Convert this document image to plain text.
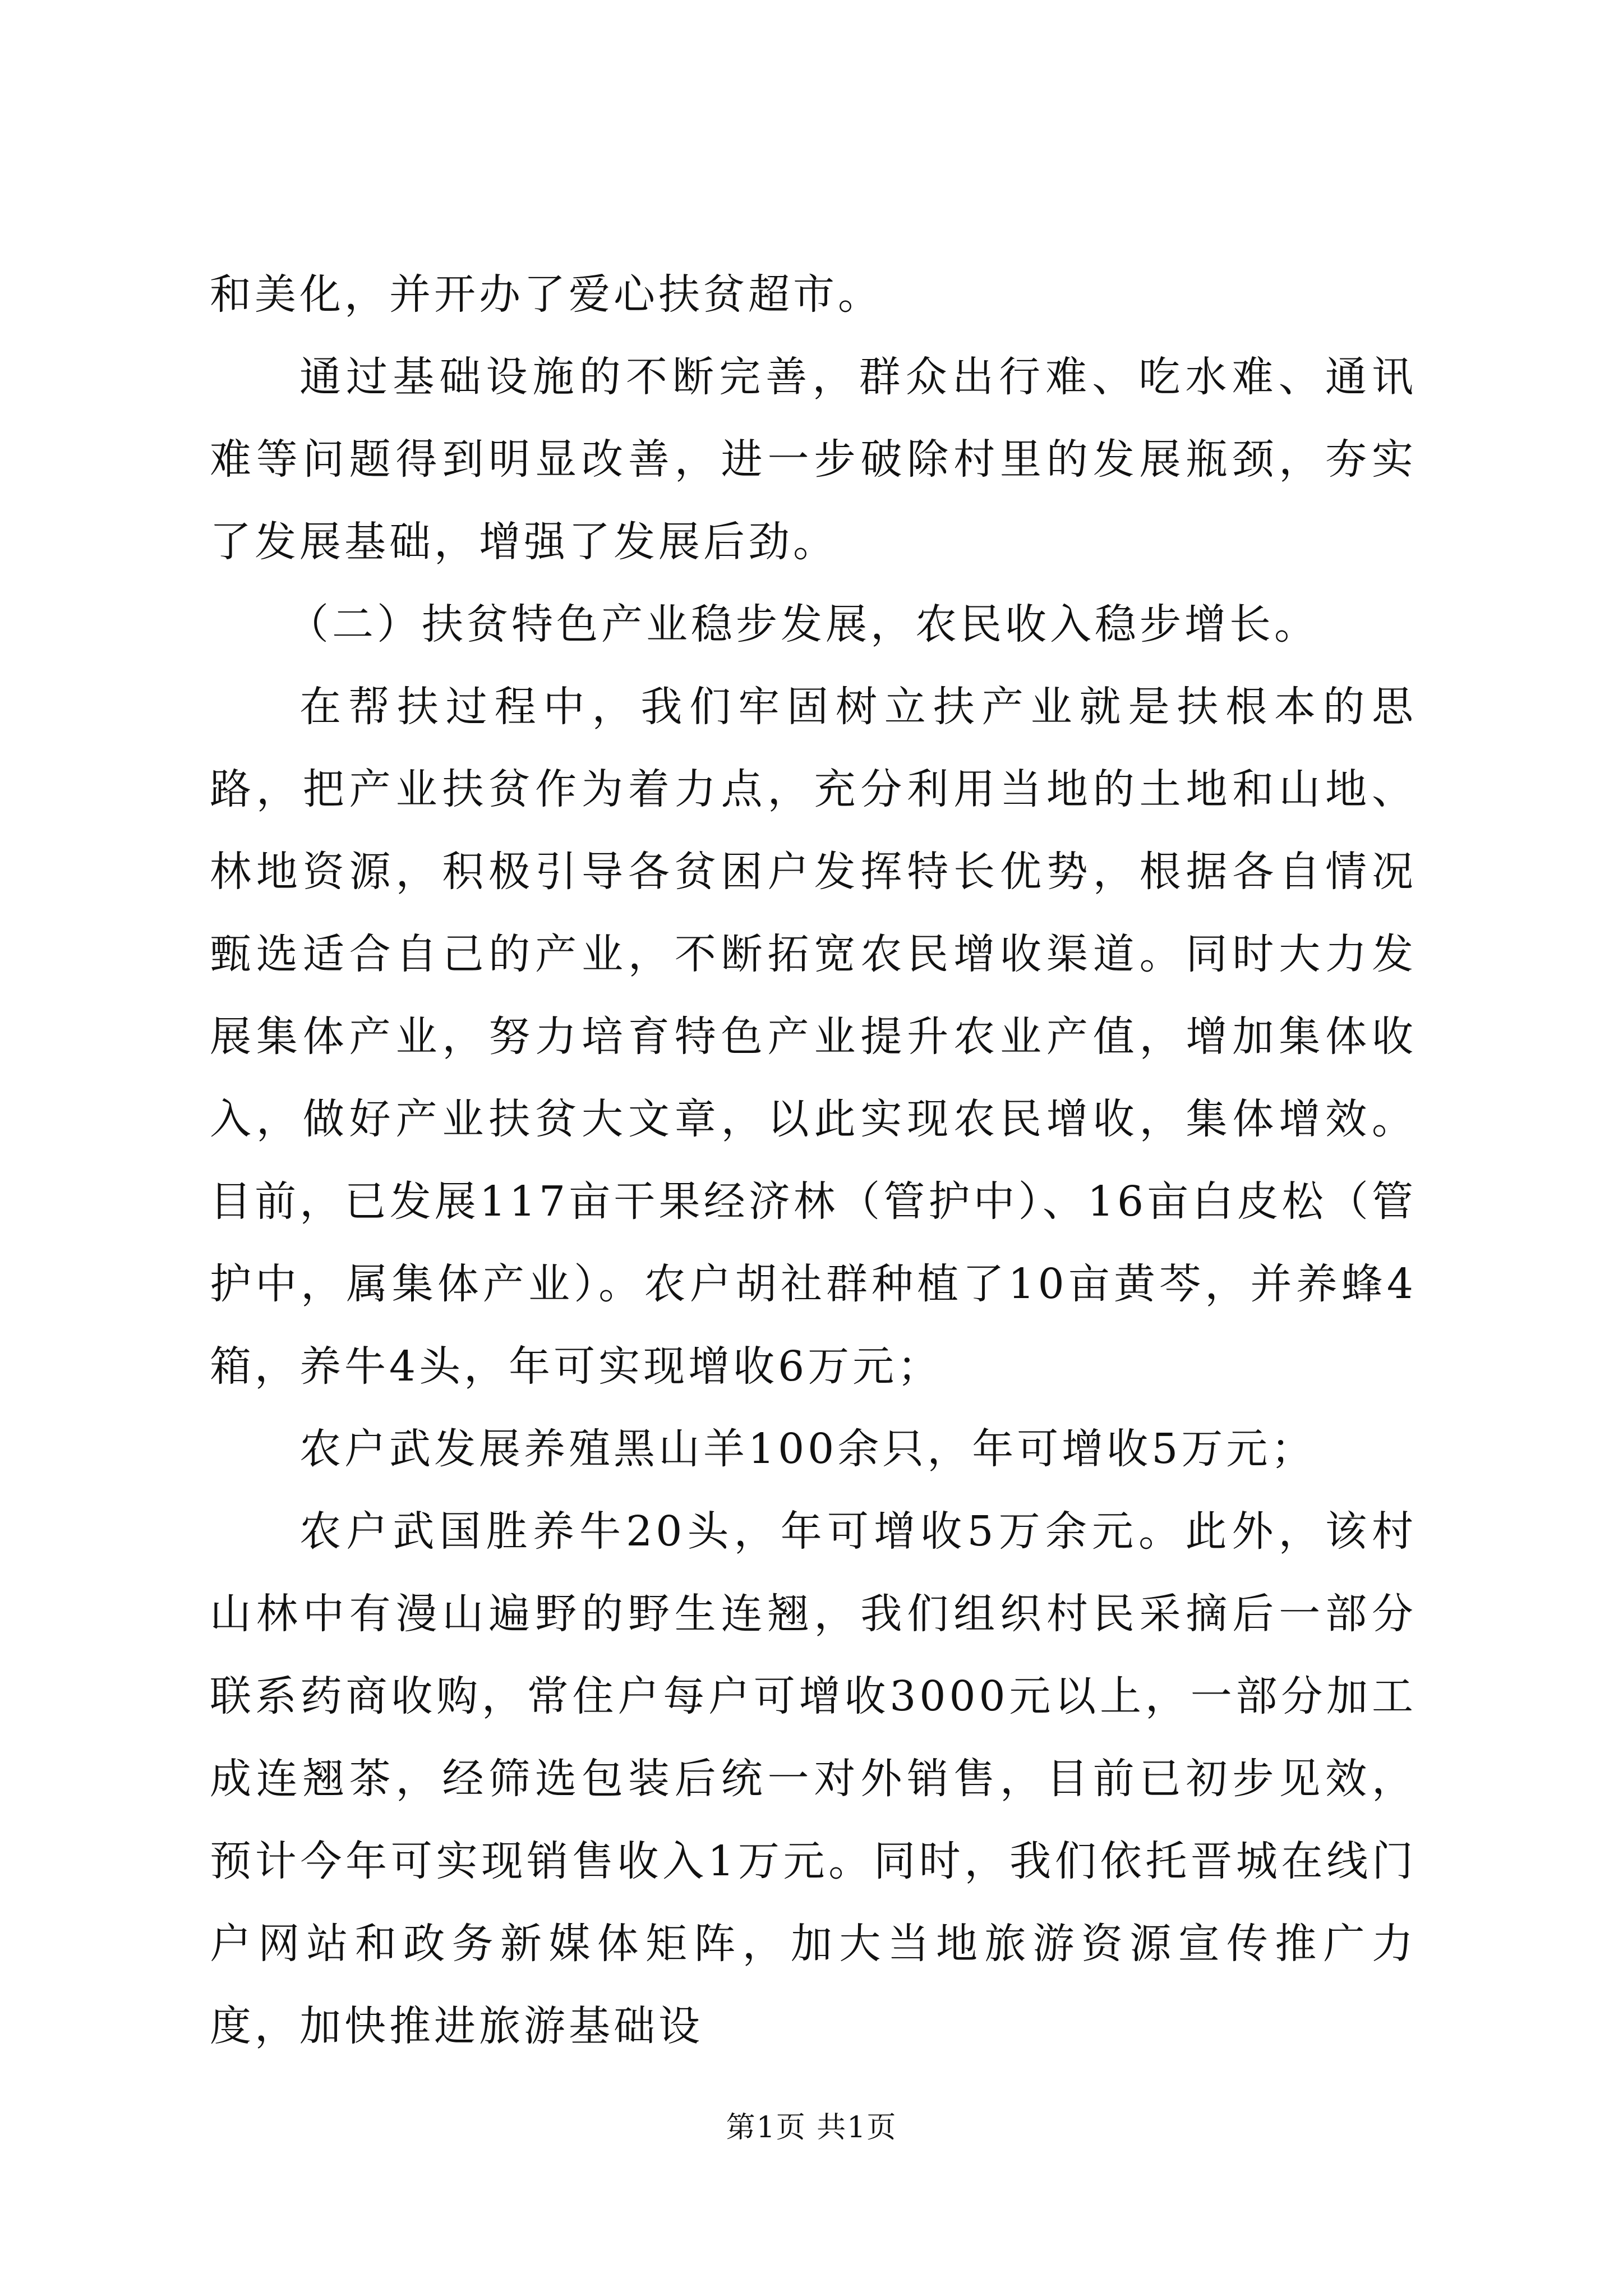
和美化，并开办了爱心扶贫超市。

通过基础设施的不断完善，群众出行难、吃水难、通讯难等问题得到明显改善，进一步破除村里的发展瓶颈，夯实了发展基础，增强了发展后劲。

（二）扶贫特色产业稳步发展，农民收入稳步增长。

在帮扶过程中，我们牢固树立扶产业就是扶根本的思路，把产业扶贫作为着力点，充分利用当地的土地和山地、林地资源，积极引导各贫困户发挥特长优势，根据各自情况甄选适合自己的产业，不断拓宽农民增收渠道。同时大力发展集体产业，努力培育特色产业提升农业产值，增加集体收入，做好产业扶贫大文章，以此实现农民增收，集体增效。目前，已发展117亩干果经济林（管护中）、16亩白皮松（管护中，属集体产业）。农户胡社群种植了10亩黄芩，并养蜂4箱，养牛4头，年可实现增收6万元；

农户武发展养殖黑山羊100余只，年可增收5万元；

农户武国胜养牛20头，年可增收5万余元。此外，该村山林中有漫山遍野的野生连翘，我们组织村民采摘后一部分联系药商收购，常住户每户可增收3000元以上，一部分加工成连翘茶，经筛选包装后统一对外销售，目前已初步见效，预计今年可实现销售收入1万元。同时，我们依托晋城在线门户网站和政务新媒体矩阵，加大当地旅游资源宣传推广力度，加快推进旅游基础设

第1页 共1页
